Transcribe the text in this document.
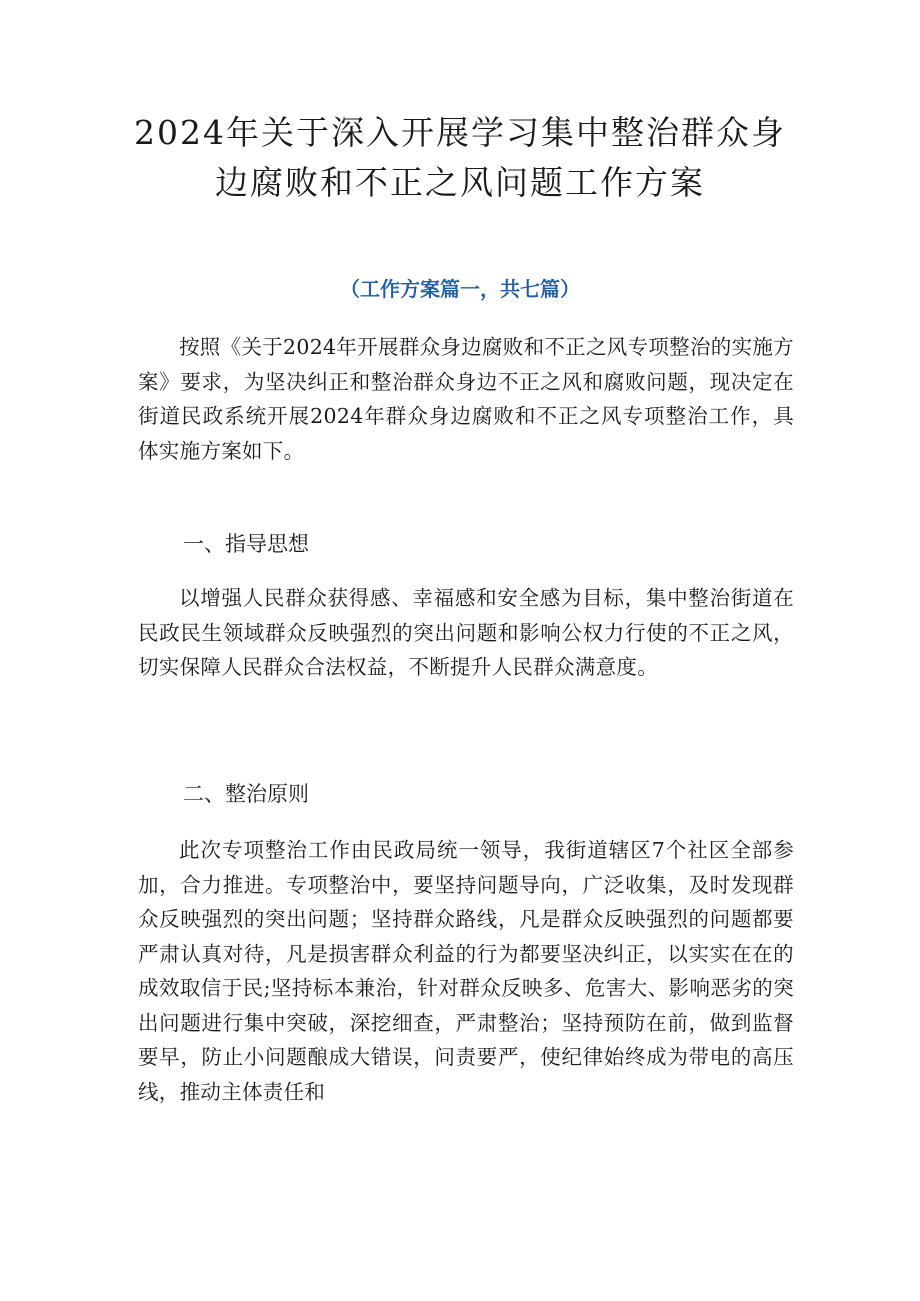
2024年关于深入开展学习集中整治群众身边腐败和不正之风问题工作方案

（工作方案篇一，共七篇）

按照《关于2024年开展群众身边腐败和不正之风专项整治的实施方案》要求，为坚决纠正和整治群众身边不正之风和腐败问题，现决定在街道民政系统开展2024年群众身边腐败和不正之风专项整治工作，具体实施方案如下。

一、指导思想

以增强人民群众获得感、幸福感和安全感为目标，集中整治街道在民政民生领域群众反映强烈的突出问题和影响公权力行使的不正之风，切实保障人民群众合法权益，不断提升人民群众满意度。

二、整治原则

此次专项整治工作由民政局统一领导，我街道辖区7个社区全部参加，合力推进。专项整治中，要坚持问题导向，广泛收集，及时发现群众反映强烈的突出问题；坚持群众路线，凡是群众反映强烈的问题都要严肃认真对待，凡是损害群众利益的行为都要坚决纠正，以实实在在的成效取信于民;坚持标本兼治，针对群众反映多、危害大、影响恶劣的突出问题进行集中突破，深挖细查，严肃整治；坚持预防在前，做到监督要早，防止小问题酿成大错误，问责要严，使纪律始终成为带电的高压线，推动主体责任和
